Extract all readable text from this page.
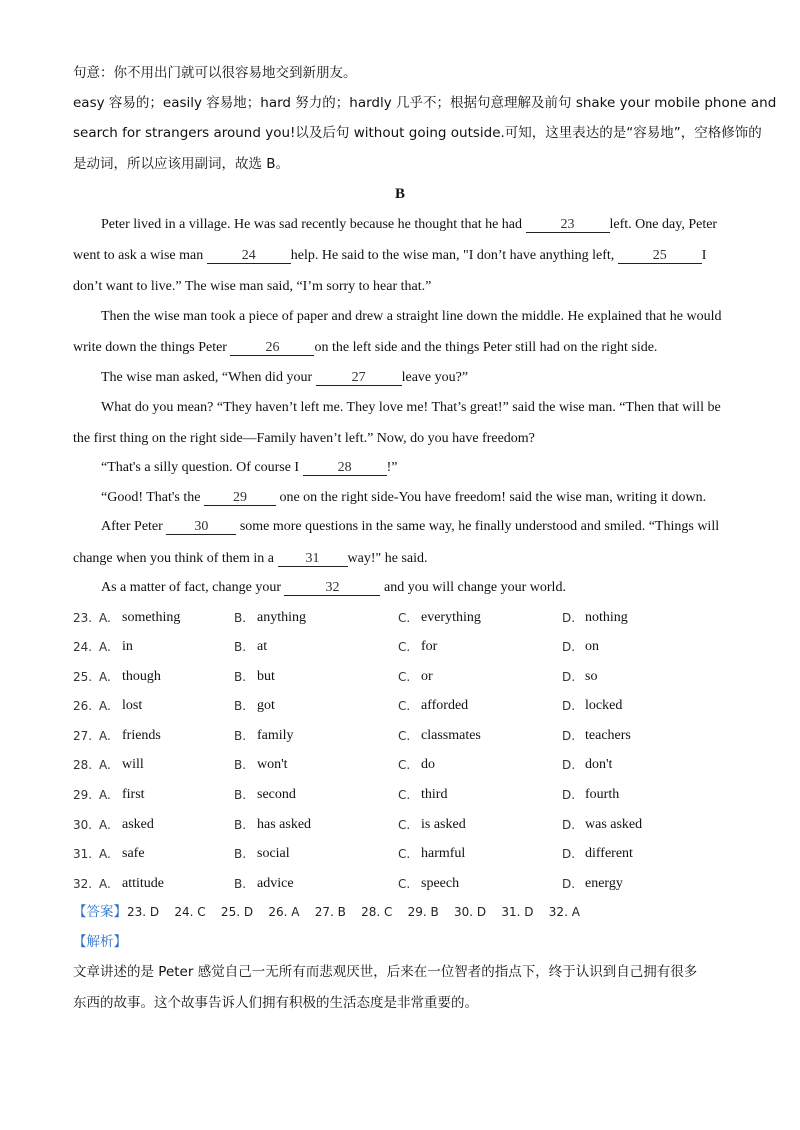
句意：你不用出门就可以很容易地交到新朋友。
easy 容易的；easily 容易地；hard 努力的；hardly 几乎不；根据句意理解及前句 shake your mobile phone and
search for strangers around you!以及后句 without going outside.可知，这里表达的是“容易地”，空格修饰的
是动词，所以应该用副词，故选 B。
B
Peter lived in a village. He was sad recently because he thought that he had	23	left. One day, Peter
went to ask a wise man	24	help. He said to the wise man, "I don’t have anything left,	25	I
don’t want to live.” The wise man said, “I’m sorry to hear that.”
Then the wise man took a piece of paper and drew a straight line down the middle. He explained that he would
write down the things Peter	26	on the left side and the things Peter still had on the right side.
The wise man asked, “When did your	27	leave you?”
What do you mean? “They haven’t left me. They love me! That’s great!” said the wise man. “Then that will be
the first thing on the right side—Family haven’t left.” Now, do you have freedom?
“That's a silly question. Of course I	28	!”
“Good! That's the 29 one on the right side-You have freedom! said the wise man, writing it down.
After Peter 30 some more questions in the same way, he finally understood and smiled. “Things will
change when you think of them in a 31 way!" he said.
As a matter of fact, change your	32	and you will change your world.
23. A. something	B. anything	C. everything	D. nothing
24. A. in	B. at	C. for	D. on
25. A. though	B. but	C. or	D. so
26. A. lost	B. got	C. afforded	D. locked
27. A. friends	B. family	C. classmates	D. teachers
28. A. will	B. won't	C. do	D. don't
29. A. first	B. second	C. third	D. fourth
30. A. asked	B. has asked	C. is asked	D. was asked
31. A. safe	B. social	C. harmful	D. different
32. A. attitude	B. advice	C. speech	D. energy
【答案】23. D    24. C    25. D    26. A    27. B    28. C    29. B    30. D    31. D    32. A
【解析】
文章讲述的是 Peter 感觉自己一无所有而悲观厌世，后来在一位智者的指点下，终于认识到自己拥有很多
东西的故事。这个故事告诉人们拥有积极的生活态度是非常重要的。
